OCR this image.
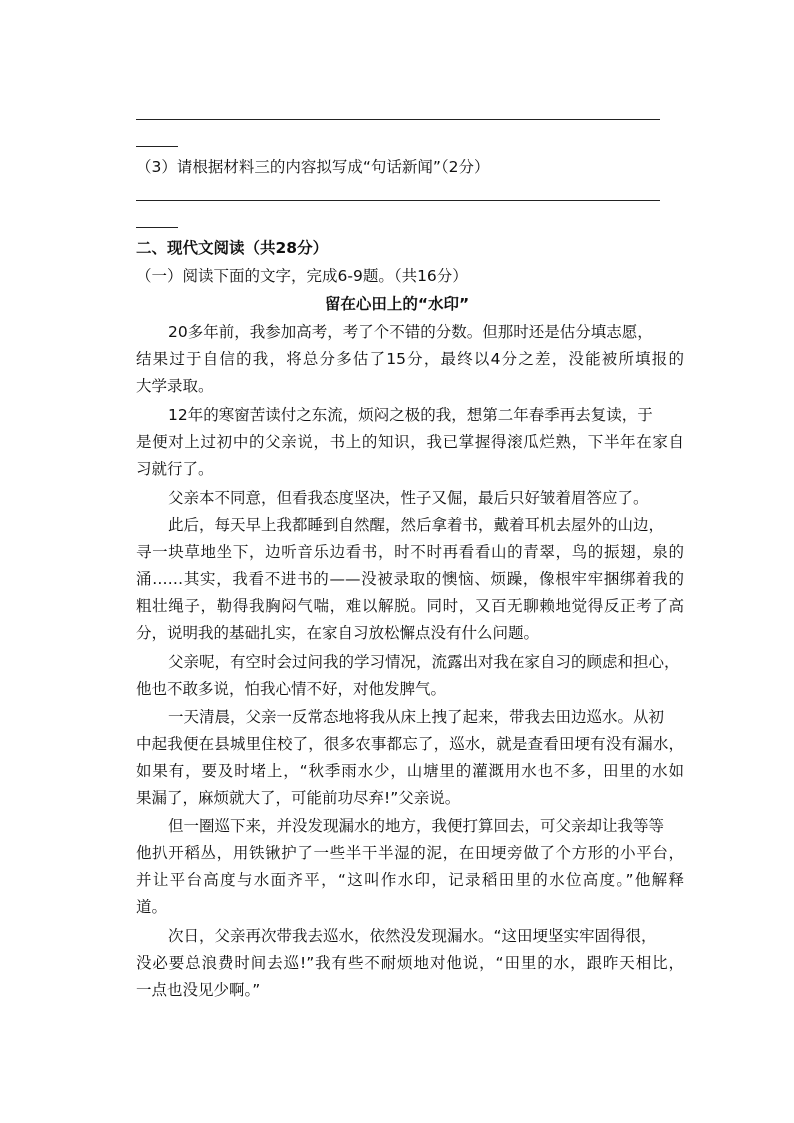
（3）请根据材料三的内容拟写成“句话新闻”（2分）
二、现代文阅读（共28分）
（一）阅读下面的文字，完成6-9题。（共16分）
留在心田上的“水印”
20多年前，我参加高考，考了个不错的分数。但那时还是估分填志愿，
结果过于自信的我，将总分多估了15分，最终以4分之差，没能被所填报的
大学录取。
12年的寒窗苦读付之东流，烦闷之极的我，想第二年春季再去复读，于
是便对上过初中的父亲说，书上的知识，我已掌握得滚瓜烂熟，下半年在家自
习就行了。
父亲本不同意，但看我态度坚决，性子又倔，最后只好皱着眉答应了。
此后，每天早上我都睡到自然醒，然后拿着书，戴着耳机去屋外的山边，
寻一块草地坐下，边听音乐边看书，时不时再看看山的青翠，鸟的振翅，泉的
涌……其实，我看不进书的——没被录取的懊恼、烦躁，像根牢牢捆绑着我的
粗壮绳子，勒得我胸闷气喘，难以解脱。同时，又百无聊赖地觉得反正考了高
分，说明我的基础扎实，在家自习放松懈点没有什么问题。
父亲呢，有空时会过问我的学习情况，流露出对我在家自习的顾虑和担心，
他也不敢多说，怕我心情不好，对他发脾气。
一天清晨，父亲一反常态地将我从床上拽了起来，带我去田边巡水。从初
中起我便在县城里住校了，很多农事都忘了，巡水，就是查看田埂有没有漏水，
如果有，要及时堵上，“秋季雨水少，山塘里的灌溉用水也不多，田里的水如
果漏了，麻烦就大了，可能前功尽弃!”父亲说。
但一圈巡下来，并没发现漏水的地方，我便打算回去，可父亲却让我等等
他扒开稻丛，用铁锹护了一些半干半湿的泥，在田埂旁做了个方形的小平台，
并让平台高度与水面齐平，“这叫作水印，记录稻田里的水位高度。”他解释
道。
次日，父亲再次带我去巡水，依然没发现漏水。“这田埂坚实牢固得很，
没必要总浪费时间去巡!”我有些不耐烦地对他说，“田里的水，跟昨天相比，
一点也没见少啊。”
